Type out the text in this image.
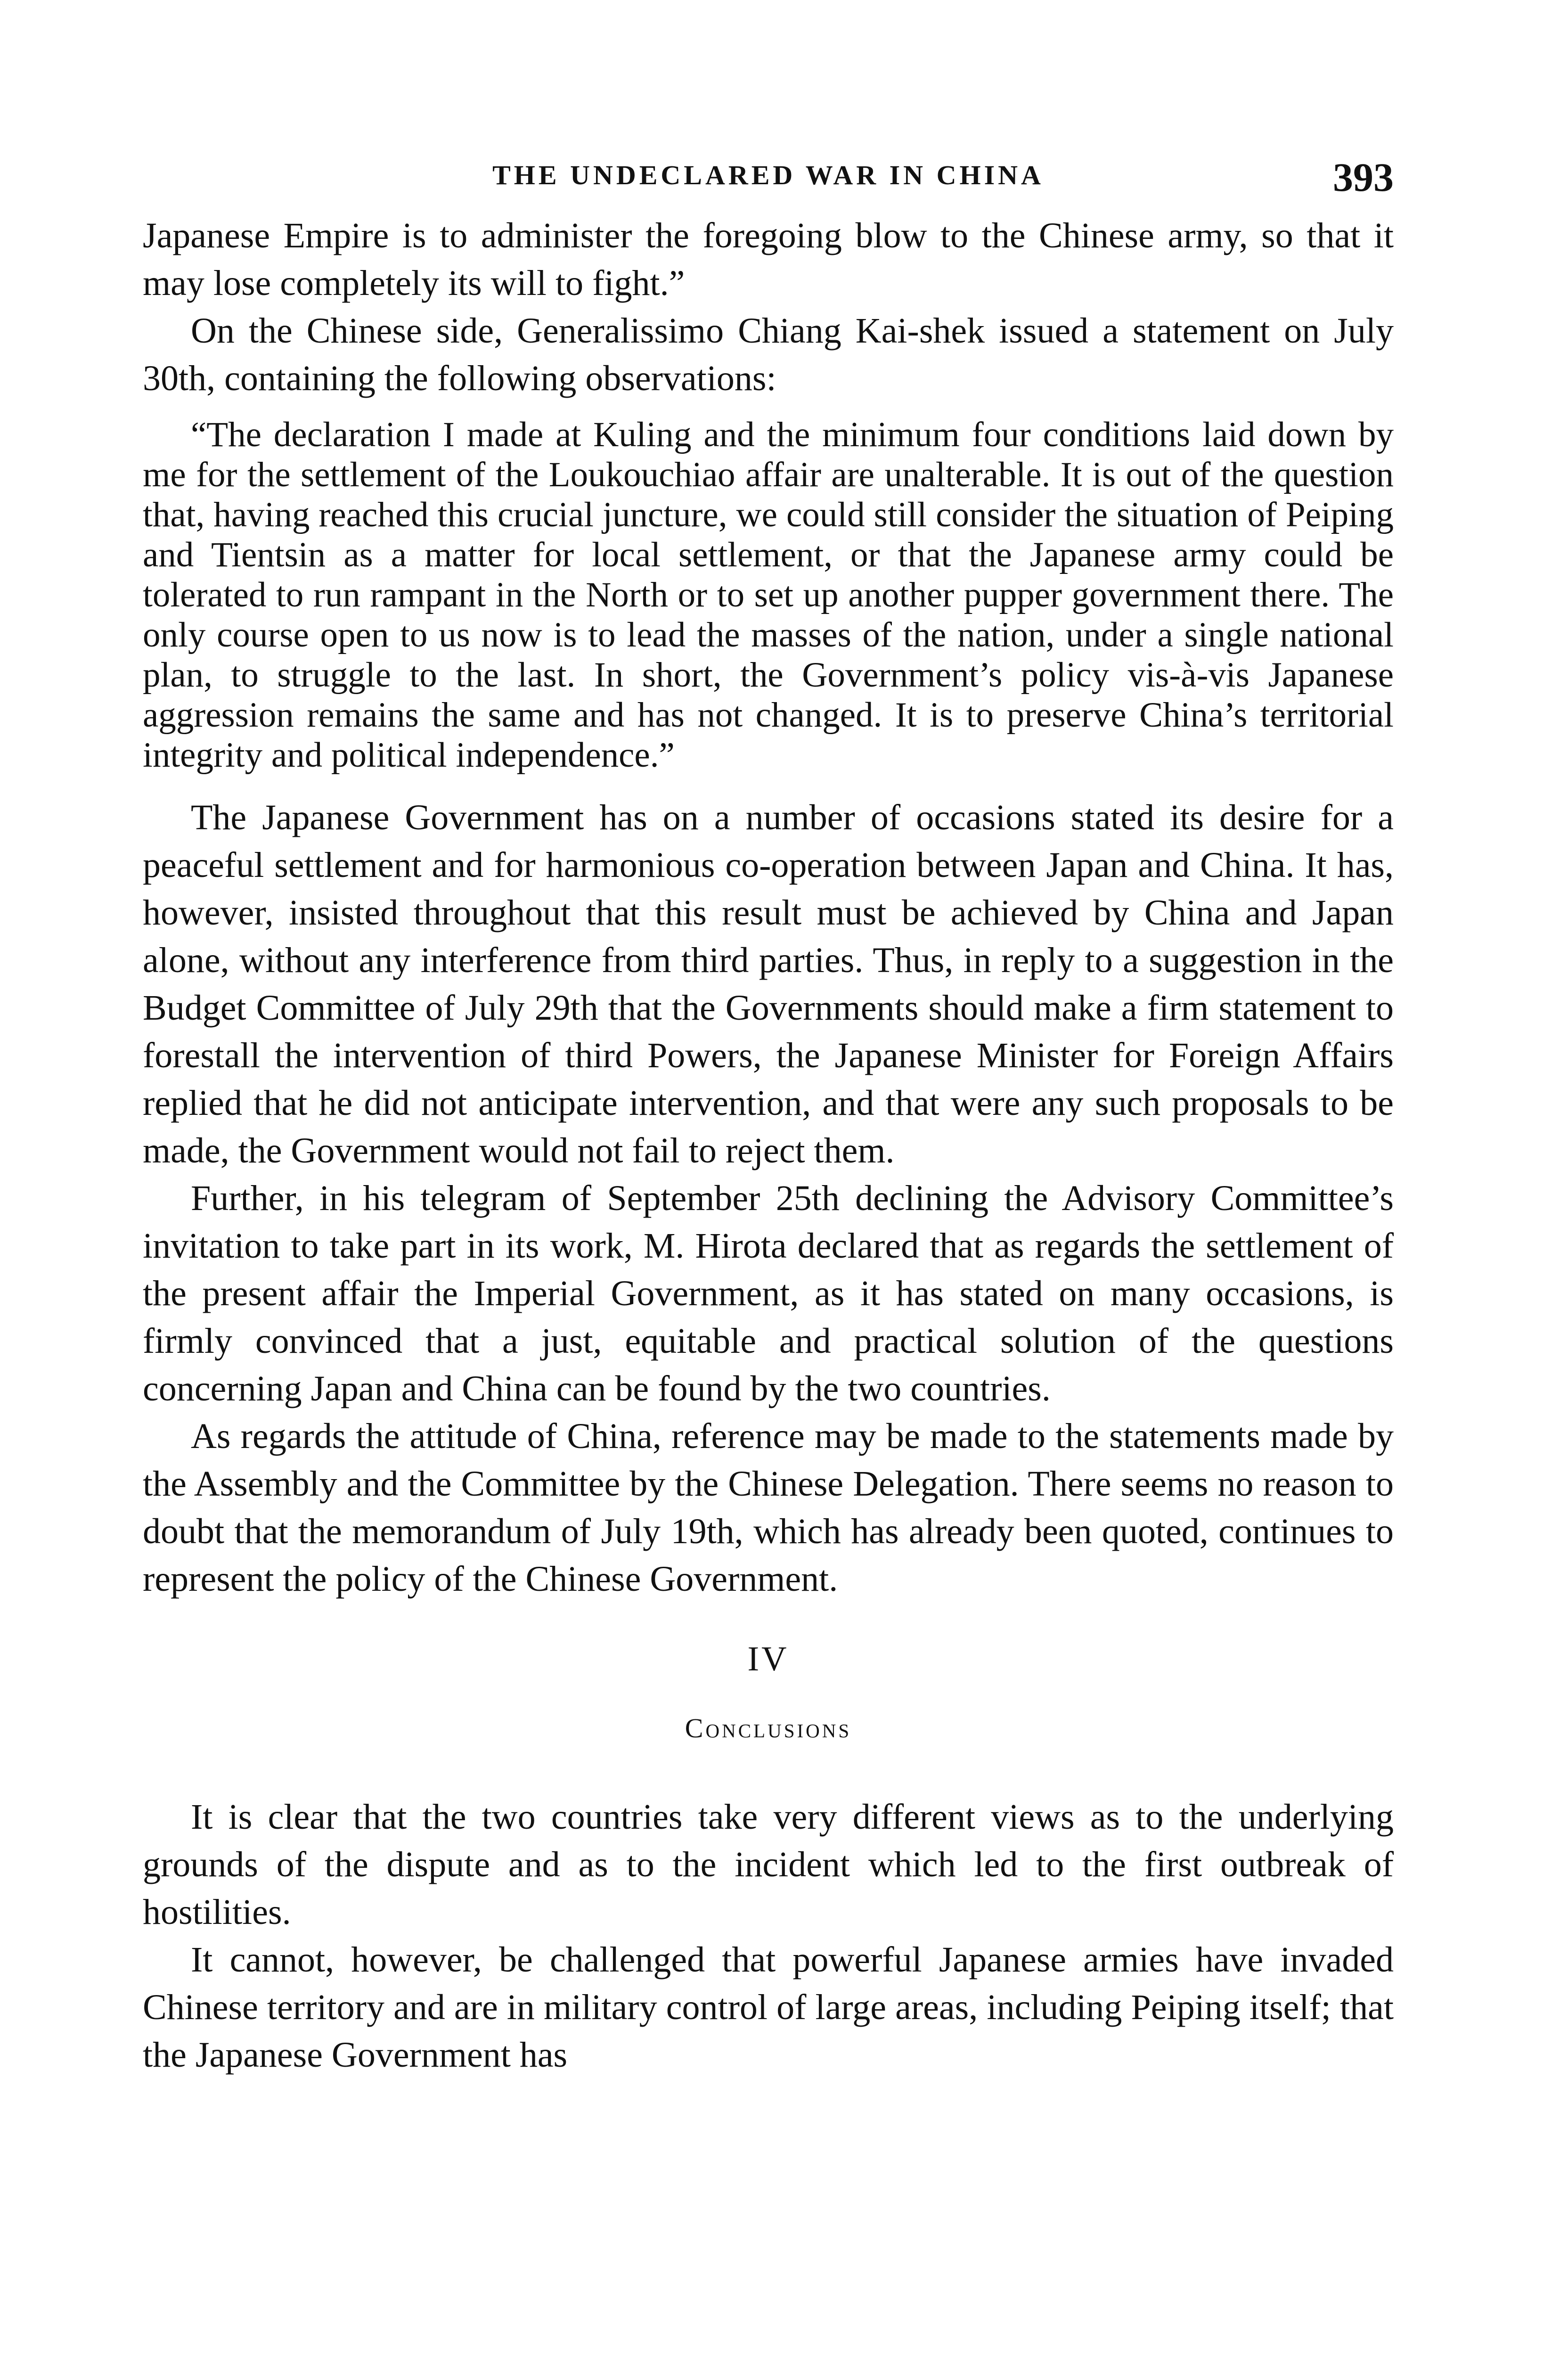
THE UNDECLARED WAR IN CHINA	393

Japanese Empire is to administer the foregoing blow to the Chinese army, so that it may lose completely its will to fight.”

On the Chinese side, Generalissimo Chiang Kai-shek issued a statement on July 30th, containing the following observations:

“The declaration I made at Kuling and the minimum four conditions laid down by me for the settlement of the Loukouchiao affair are unalterable. It is out of the question that, having reached this crucial juncture, we could still consider the situation of Peiping and Tientsin as a matter for local settlement, or that the Japanese army could be tolerated to run rampant in the North or to set up another pupper government there. The only course open to us now is to lead the masses of the nation, under a single national plan, to struggle to the last. In short, the Government’s policy vis-à-vis Japanese aggression remains the same and has not changed. It is to preserve China’s territorial integrity and political independence.”

The Japanese Government has on a number of occasions stated its desire for a peaceful settlement and for harmonious co-operation between Japan and China. It has, however, insisted throughout that this result must be achieved by China and Japan alone, without any interference from third parties. Thus, in reply to a suggestion in the Budget Committee of July 29th that the Governments should make a firm statement to forestall the intervention of third Powers, the Japanese Minister for Foreign Affairs replied that he did not anticipate intervention, and that were any such proposals to be made, the Government would not fail to reject them.

Further, in his telegram of September 25th declining the Advisory Committee’s invitation to take part in its work, M. Hirota declared that as regards the settlement of the present affair the Imperial Government, as it has stated on many occasions, is firmly convinced that a just, equitable and practical solution of the questions concerning Japan and China can be found by the two countries.

As regards the attitude of China, reference may be made to the statements made by the Assembly and the Committee by the Chinese Delegation. There seems no reason to doubt that the memorandum of July 19th, which has already been quoted, continues to represent the policy of the Chinese Government.

IV
Conclusions

It is clear that the two countries take very different views as to the underlying grounds of the dispute and as to the incident which led to the first outbreak of hostilities.

It cannot, however, be challenged that powerful Japanese armies have invaded Chinese territory and are in military control of large areas, including Peiping itself; that the Japanese Government has
